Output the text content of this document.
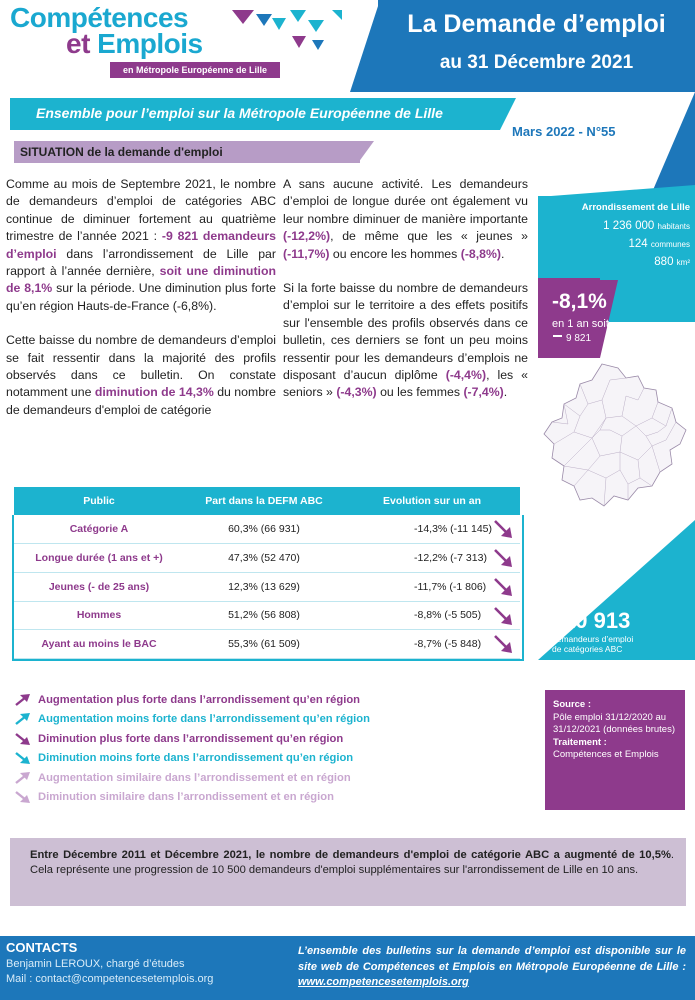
Compétences
et Emplois
en Métropole Européenne de Lille
La Demande d’emploi
au 31 Décembre 2021
Ensemble pour l’emploi sur la Métropole Européenne de Lille
Mars 2022 - N°55
SITUATION de la demande d'emploi

Comme au mois de Septembre 2021, le nombre de demandeurs d’emploi de catégories ABC continue de diminuer fortement au quatrième trimestre de l’année 2021 : -9 821 demandeurs d’emploi dans l’arrondissement de Lille par rapport à l’année dernière, soit une diminution de 8,1% sur la période. Une diminution plus forte qu’en région Hauts-de-France (-6,8%).

Cette baisse du nombre de demandeurs d’emploi se fait ressentir dans la majorité des profils observés dans ce bulletin. On constate notamment une diminution de 14,3% du nombre de demandeurs d'emploi de catégorie

A sans aucune activité. Les demandeurs d’emploi de longue durée ont également vu leur nombre diminuer de manière importante (-12,2%), de même que les « jeunes » (-11,7%) ou encore les hommes (-8,8%).

Si la forte baisse du nombre de demandeurs d’emploi sur le territoire a des effets positifs sur l'ensemble des profils observés dans ce bulletin, ces derniers se font un peu moins ressentir pour les demandeurs d’emplois ne disposant d’aucun diplôme (-4,4%), les « seniors » (-4,3%) ou les femmes (-7,4%).

Arrondissement de Lille
1 236 000 habitants
124 communes
880 km²
-8,1%
en 1 an soit
9 821
110 913
demandeurs d’emploi de catégories ABC
Public	Part dans la DEFM ABC	Evolution sur un an
Catégorie A	60,3% (66 931)	-14,3% (-11 145)

Longue durée (1 ans et +)	47,3% (52 470)	-12,2% (-7 313)

Jeunes (- de 25 ans)	12,3% (13 629)	-11,7% (-1 806)

Hommes	51,2% (56 808)	-8,8% (-5 505)

Ayant au moins le BAC	55,3% (61 509)	-8,7% (-5 848)
Augmentation plus forte dans l’arrondissement qu’en région
Augmentation moins forte dans l’arrondissement qu’en région
Diminution plus forte dans l’arrondissement qu’en région
Diminution moins forte dans l’arrondissement qu’en région
Augmentation similaire dans l’arrondissement et en région
Diminution similaire dans l’arrondissement et en région
Source :
Pôle emploi 31/12/2020 au 31/12/2021 (données brutes)
Traitement :
Compétences et Emplois
Entre Décembre 2011 et Décembre 2021, le nombre de demandeurs d'emploi de catégorie ABC a augmenté de 10,5%. Cela représente une progression de 10 500 demandeurs d'emploi supplémentaires sur l'arrondissement de Lille en 10 ans.
CONTACTS
Benjamin LEROUX, chargé d’études
Mail : contact@competencesetemplois.org
L’ensemble des bulletins sur la demande d’emploi est disponible sur le site web de Compétences et Emplois en Métropole Européenne de Lille : www.competencesetemplois.org
